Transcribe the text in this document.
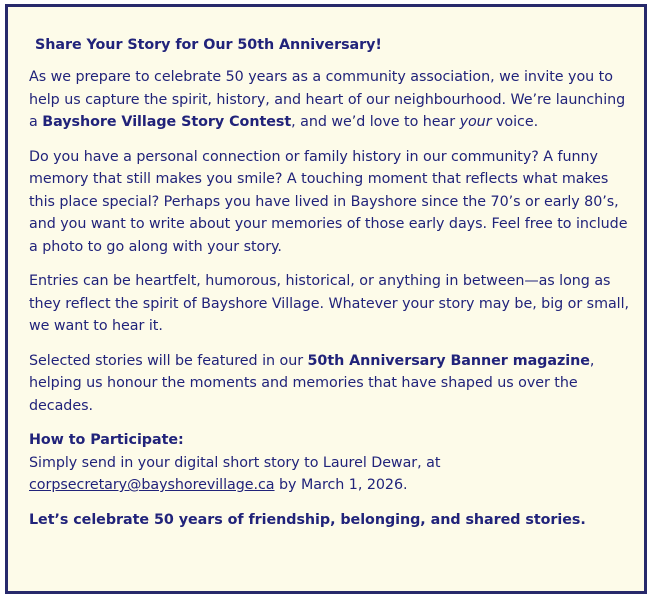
Share Your Story for Our 50th Anniversary!

As we prepare to celebrate 50 years as a community association, we invite you to help us capture the spirit, history, and heart of our neighbourhood. We’re launching a Bayshore Village Story Contest, and we’d love to hear your voice.

Do you have a personal connection or family history in our community? A funny memory that still makes you smile? A touching moment that reflects what makes this place special? Perhaps you have lived in Bayshore since the 70’s or early 80’s, and you want to write about your memories of those early days. Feel free to include a photo to go along with your story.

Entries can be heartfelt, humorous, historical, or anything in between—as long as they reflect the spirit of Bayshore Village. Whatever your story may be, big or small, we want to hear it.

Selected stories will be featured in our 50th Anniversary Banner magazine, helping us honour the moments and memories that have shaped us over the decades.

How to Participate:
Simply send in your digital short story to Laurel Dewar, at
corpsecretary@bayshorevillage.ca by March 1, 2026.

Let’s celebrate 50 years of friendship, belonging, and shared stories.
